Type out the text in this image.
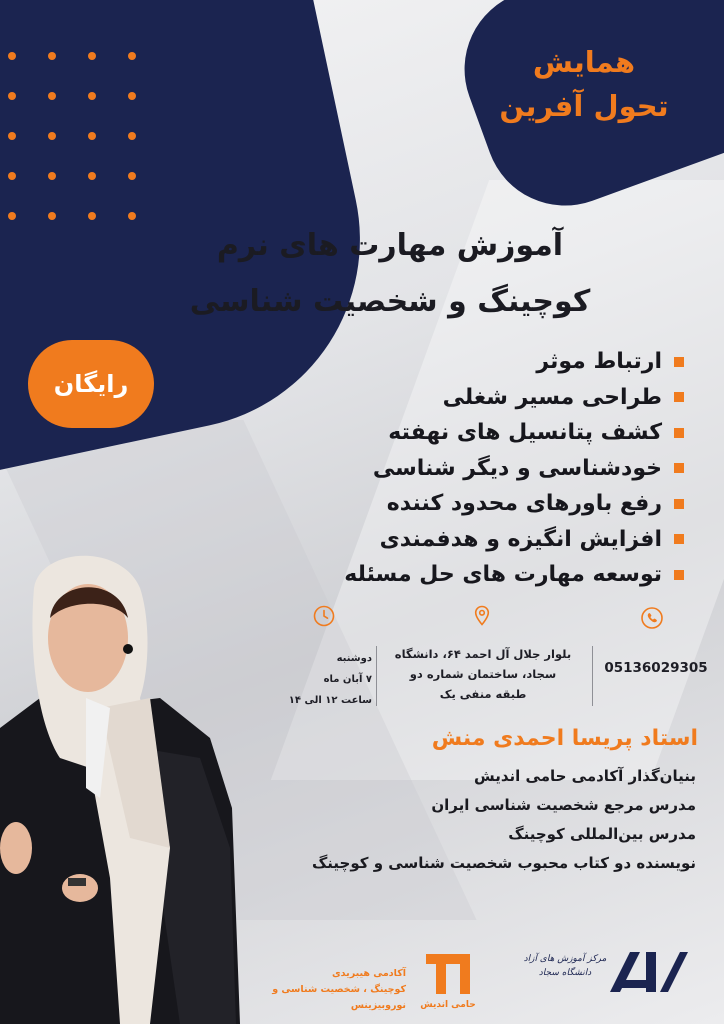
همایش
تحول آفرین
آموزش مهارت های نرم
کوچینگ و شخصیت شناسی
رایگان
ارتباط موثر
طراحی مسیر شغلی
کشف پتانسیل های نهفته
خودشناسی و دیگر شناسی
رفع باورهای محدود کننده
افزایش انگیزه و هدفمندی
توسعه مهارت های حل مسئله
05136029305
بلوار جلال آل احمد ۶۴، دانشگاه
سجاد، ساختمان شماره دو
طبقه منفی یک
دوشنبه
۷ آبان ماه
ساعت ۱۲ الی ۱۴
استاد پریسا احمدی منش
بنیان‌گذار آکادمی حامی اندیش
مدرس مرجع شخصیت شناسی ایران
مدرس بین‌المللی کوچینگ
نویسنده دو کتاب محبوب شخصیت شناسی و کوچینگ
حامی اندیش
آکادمی هیبریدی
کوچینگ ، شخصیت شناسی و نوروبیزینس
مرکز آموزش های آزاد
دانشگاه سجاد
